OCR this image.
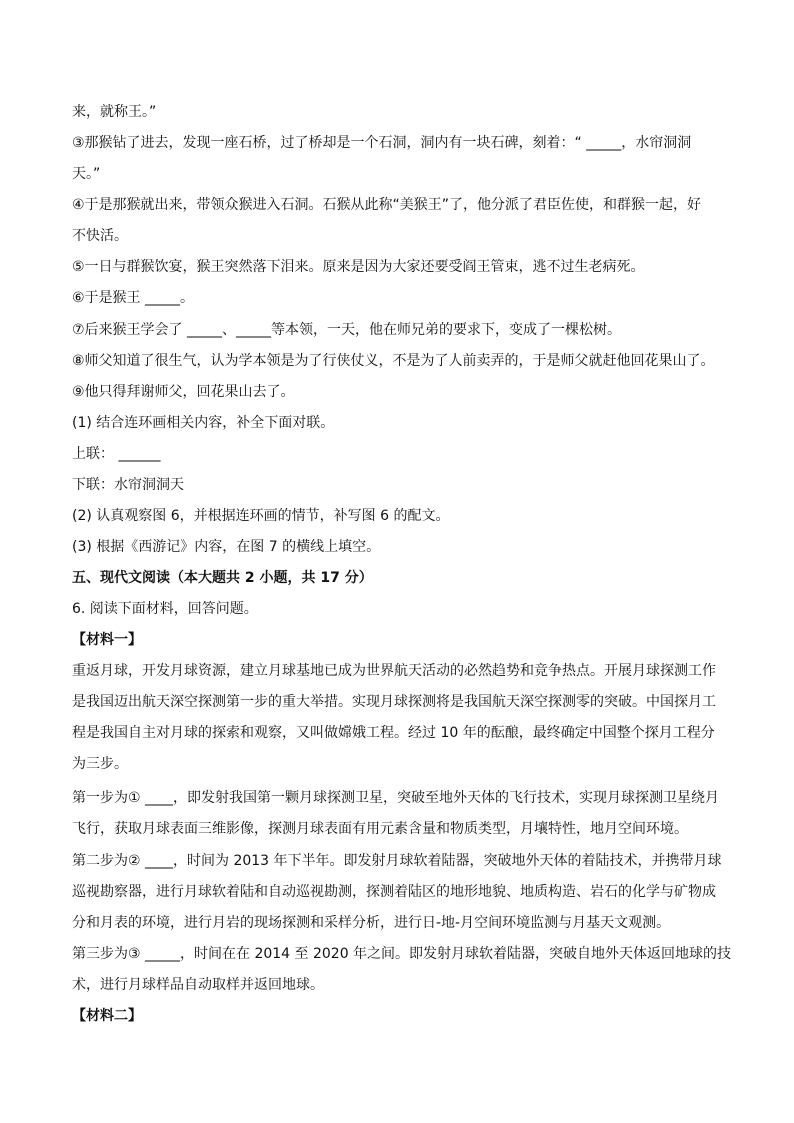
来，就称王。”
③那猴钻了进去，发现一座石桥，过了桥却是一个石洞，洞内有一块石碑，刻着：“ _____，水帘洞洞
天。”
④于是那猴就出来，带领众猴进入石洞。石猴从此称“美猴王”了，他分派了君臣佐使，和群猴一起，好
不快活。
⑤一日与群猴饮宴，猴王突然落下泪来。原来是因为大家还要受阎王管束，逃不过生老病死。
⑥于是猴王 _____。
⑦后来猴王学会了 _____、_____等本领，一天，他在师兄弟的要求下，变成了一棵松树。
⑧师父知道了很生气，认为学本领是为了行侠仗义，不是为了人前卖弄的，于是师父就赶他回花果山了。
⑨他只得拜谢师父，回花果山去了。
(1) 结合连环画相关内容，补全下面对联。
上联： ______
下联：水帘洞洞天
(2) 认真观察图 6，并根据连环画的情节，补写图 6 的配文。
(3) 根据《西游记》内容，在图 7 的横线上填空。
五、现代文阅读（本大题共 2 小题，共 17 分）
6. 阅读下面材料，回答问题。
【材料一】
重返月球，开发月球资源，建立月球基地已成为世界航天活动的必然趋势和竞争热点。开展月球探测工作
是我国迈出航天深空探测第一步的重大举措。实现月球探测将是我国航天深空探测零的突破。中国探月工
程是我国自主对月球的探索和观察，又叫做嫦娥工程。经过 10 年的酝酿，最终确定中国整个探月工程分
为三步。
第一步为① ____，即发射我国第一颗月球探测卫星，突破至地外天体的飞行技术，实现月球探测卫星绕月
飞行，获取月球表面三维影像，探测月球表面有用元素含量和物质类型，月壤特性，地月空间环境。
第二步为② ____，时间为 2013 年下半年。即发射月球软着陆器，突破地外天体的着陆技术，并携带月球
巡视勘察器，进行月球软着陆和自动巡视勘测，探测着陆区的地形地貌、地质构造、岩石的化学与矿物成
分和月表的环境，进行月岩的现场探测和采样分析，进行日-地-月空间环境监测与月基天文观测。
第三步为③ _____，时间在在 2014 至 2020 年之间。即发射月球软着陆器，突破自地外天体返回地球的技
术，进行月球样品自动取样并返回地球。
【材料二】
